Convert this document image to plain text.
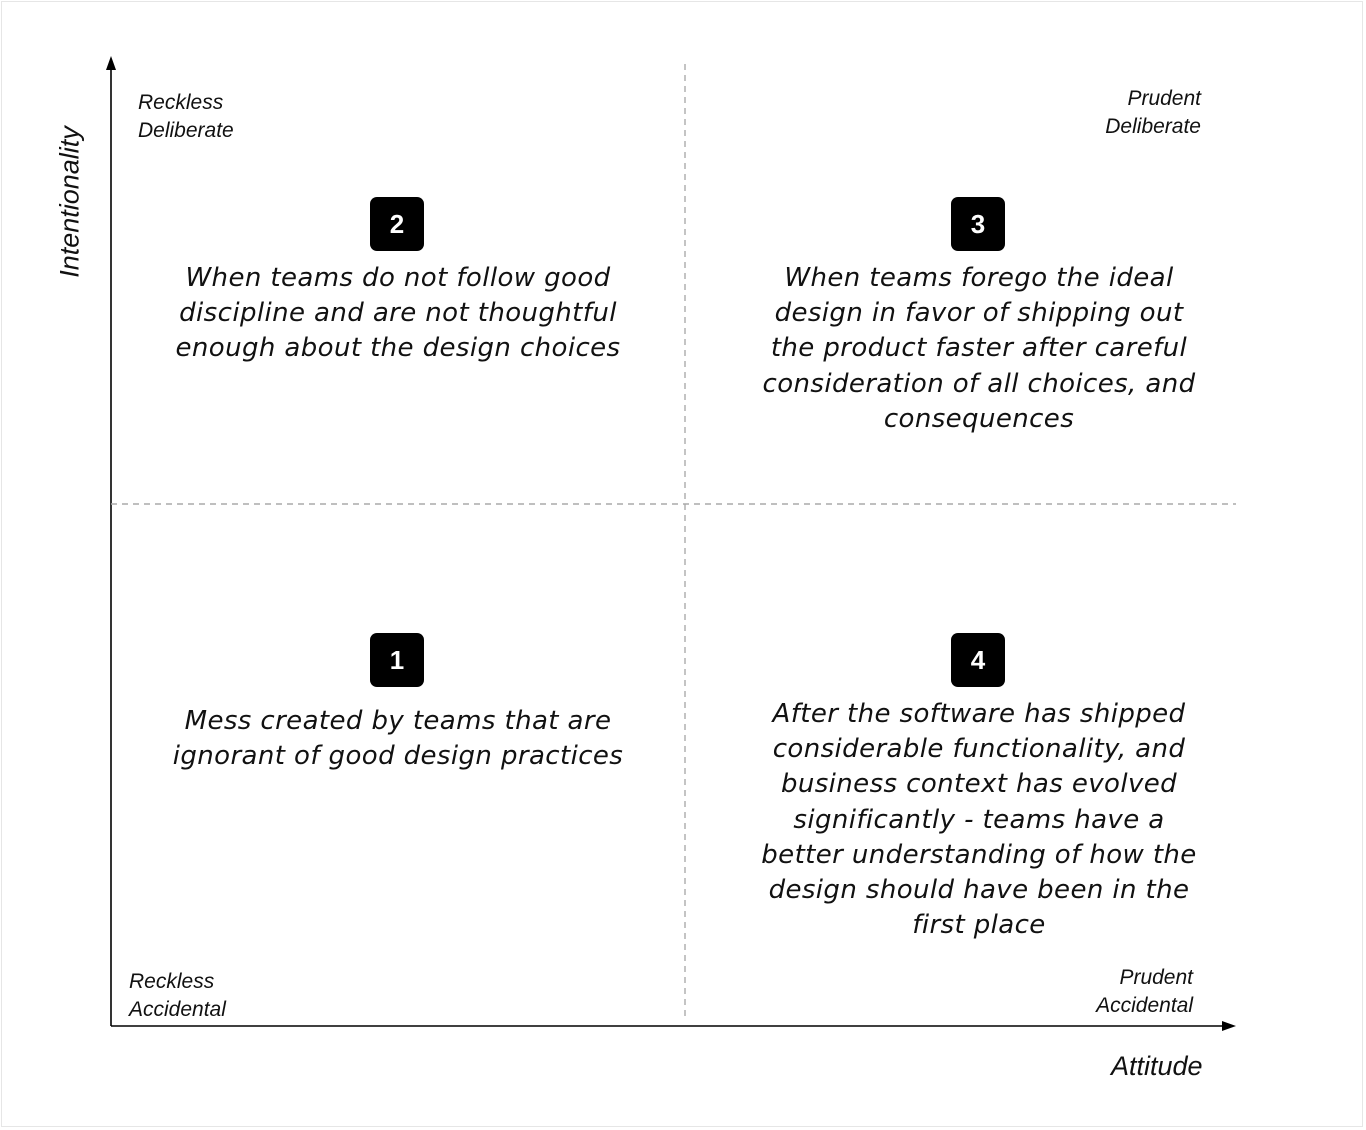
Intentionality
Attitude
Reckless
Deliberate
Prudent
Deliberate
Reckless
Accidental
Prudent
Accidental
2
When teams do not follow good discipline and are not thoughtful enough about the design choices
3
When teams forego the ideal design in favor of shipping out the product faster after careful consideration of all choices, and consequences
1
Mess created by teams that are ignorant of good design practices
4
After the software has shipped considerable functionality, and business context has evolved significantly - teams have a better understanding of how the design should have been in the first place
